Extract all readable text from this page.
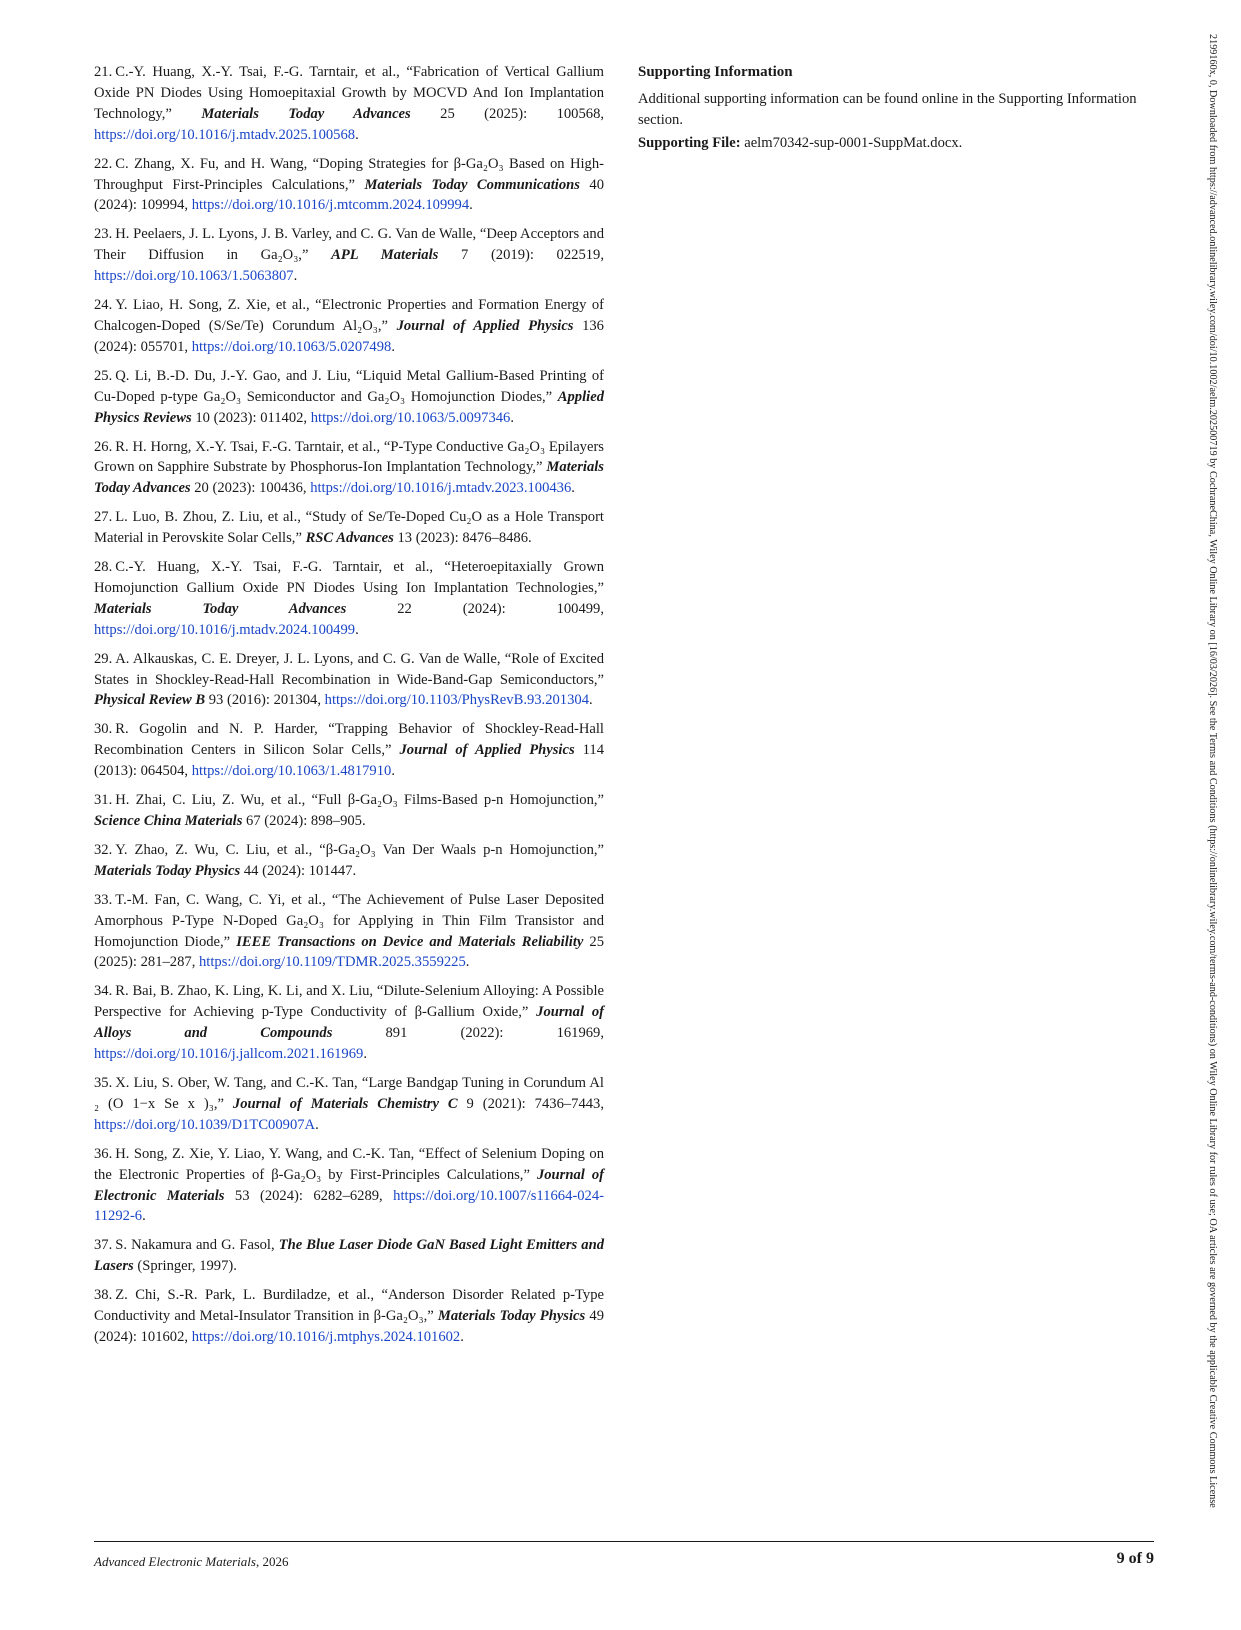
21. C.-Y. Huang, X.-Y. Tsai, F.-G. Tarntair, et al., “Fabrication of Vertical Gallium Oxide PN Diodes Using Homoepitaxial Growth by MOCVD And Ion Implantation Technology,” Materials Today Advances 25 (2025): 100568, https://doi.org/10.1016/j.mtadv.2025.100568.
22. C. Zhang, X. Fu, and H. Wang, “Doping Strategies for β-Ga₂O₃ Based on High-Throughput First-Principles Calculations,” Materials Today Communications 40 (2024): 109994, https://doi.org/10.1016/j.mtcomm.2024.109994.
23. H. Peelaers, J. L. Lyons, J. B. Varley, and C. G. Van de Walle, “Deep Acceptors and Their Diffusion in Ga₂O₃,” APL Materials 7 (2019): 022519, https://doi.org/10.1063/1.5063807.
24. Y. Liao, H. Song, Z. Xie, et al., “Electronic Properties and Formation Energy of Chalcogen-Doped (S/Se/Te) Corundum Al₂O₃,” Journal of Applied Physics 136 (2024): 055701, https://doi.org/10.1063/5.0207498.
25. Q. Li, B.-D. Du, J.-Y. Gao, and J. Liu, “Liquid Metal Gallium-Based Printing of Cu-Doped p-type Ga₂O₃ Semiconductor and Ga₂O₃ Homojunction Diodes,” Applied Physics Reviews 10 (2023): 011402, https://doi.org/10.1063/5.0097346.
26. R. H. Horng, X.-Y. Tsai, F.-G. Tarntair, et al., “P-Type Conductive Ga₂O₃ Epilayers Grown on Sapphire Substrate by Phosphorus-Ion Implantation Technology,” Materials Today Advances 20 (2023): 100436, https://doi.org/10.1016/j.mtadv.2023.100436.
27. L. Luo, B. Zhou, Z. Liu, et al., “Study of Se/Te-Doped Cu₂O as a Hole Transport Material in Perovskite Solar Cells,” RSC Advances 13 (2023): 8476–8486.
28. C.-Y. Huang, X.-Y. Tsai, F.-G. Tarntair, et al., “Heteroepitaxially Grown Homojunction Gallium Oxide PN Diodes Using Ion Implantation Technologies,” Materials Today Advances 22 (2024): 100499, https://doi.org/10.1016/j.mtadv.2024.100499.
29. A. Alkauskas, C. E. Dreyer, J. L. Lyons, and C. G. Van de Walle, “Role of Excited States in Shockley-Read-Hall Recombination in Wide-Band-Gap Semiconductors,” Physical Review B 93 (2016): 201304, https://doi.org/10.1103/PhysRevB.93.201304.
30. R. Gogolin and N. P. Harder, “Trapping Behavior of Shockley-Read-Hall Recombination Centers in Silicon Solar Cells,” Journal of Applied Physics 114 (2013): 064504, https://doi.org/10.1063/1.4817910.
31. H. Zhai, C. Liu, Z. Wu, et al., “Full β-Ga₂O₃ Films-Based p-n Homojunction,” Science China Materials 67 (2024): 898–905.
32. Y. Zhao, Z. Wu, C. Liu, et al., “β-Ga₂O₃ Van Der Waals p-n Homojunction,” Materials Today Physics 44 (2024): 101447.
33. T.-M. Fan, C. Wang, C. Yi, et al., “The Achievement of Pulse Laser Deposited Amorphous P-Type N-Doped Ga₂O₃ for Applying in Thin Film Transistor and Homojunction Diode,” IEEE Transactions on Device and Materials Reliability 25 (2025): 281–287, https://doi.org/10.1109/TDMR.2025.3559225.
34. R. Bai, B. Zhao, K. Ling, K. Li, and X. Liu, “Dilute-Selenium Alloying: A Possible Perspective for Achieving p-Type Conductivity of β-Gallium Oxide,” Journal of Alloys and Compounds 891 (2022): 161969, https://doi.org/10.1016/j.jallcom.2021.161969.
35. X. Liu, S. Ober, W. Tang, and C.-K. Tan, “Large Bandgap Tuning in Corundum Al ₂ (O 1−x Se x )₃,” Journal of Materials Chemistry C 9 (2021): 7436–7443, https://doi.org/10.1039/D1TC00907A.
36. H. Song, Z. Xie, Y. Liao, Y. Wang, and C.-K. Tan, “Effect of Selenium Doping on the Electronic Properties of β-Ga₂O₃ by First-Principles Calculations,” Journal of Electronic Materials 53 (2024): 6282–6289, https://doi.org/10.1007/s11664-024-11292-6.
37. S. Nakamura and G. Fasol, The Blue Laser Diode GaN Based Light Emitters and Lasers (Springer, 1997).
38. Z. Chi, S.-R. Park, L. Burdiladze, et al., “Anderson Disorder Related p-Type Conductivity and Metal-Insulator Transition in β-Ga₂O₃,” Materials Today Physics 49 (2024): 101602, https://doi.org/10.1016/j.mtphys.2024.101602.
Supporting Information

Additional supporting information can be found online in the Supporting Information section.

Supporting File: aelm70342-sup-0001-SuppMat.docx.

Advanced Electronic Materials, 2026	9 of 9
2199160x, 0, Downloaded from https://advanced.onlinelibrary.wiley.com/doi/10.1002/aelm.202500719 by CochraneChina, Wiley Online Library on [16/03/2026]. See the Terms and Conditions (https://onlinelibrary.wiley.com/terms-and-conditions) on Wiley Online Library for rules of use; OA articles are governed by the applicable Creative Commons License
